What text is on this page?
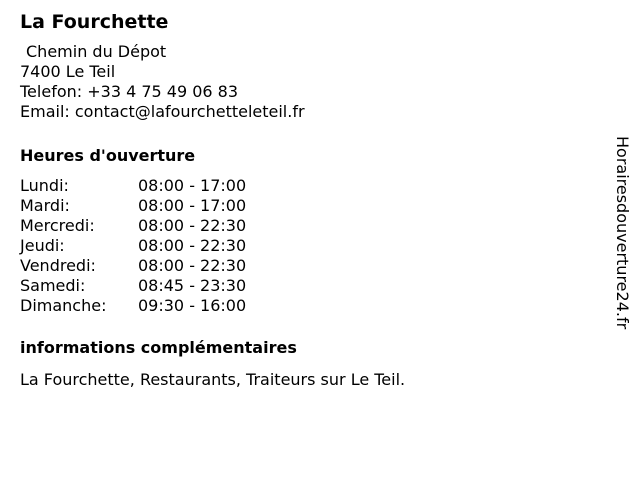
La Fourchette
Chemin du Dépot
7400 Le Teil
Telefon: +33 4 75 49 06 83
Email: contact@lafourchetteleteil.fr
Heures d'ouverture
Lundi:	08:00 - 17:00
Mardi:	08:00 - 17:00
Mercredi:	08:00 - 22:30
Jeudi:	08:00 - 22:30
Vendredi:	08:00 - 22:30
Samedi:	08:45 - 23:30
Dimanche:	09:30 - 16:00
informations complémentaires

La Fourchette, Restaurants, Traiteurs sur Le Teil.

Horairesdouverture24.fr
